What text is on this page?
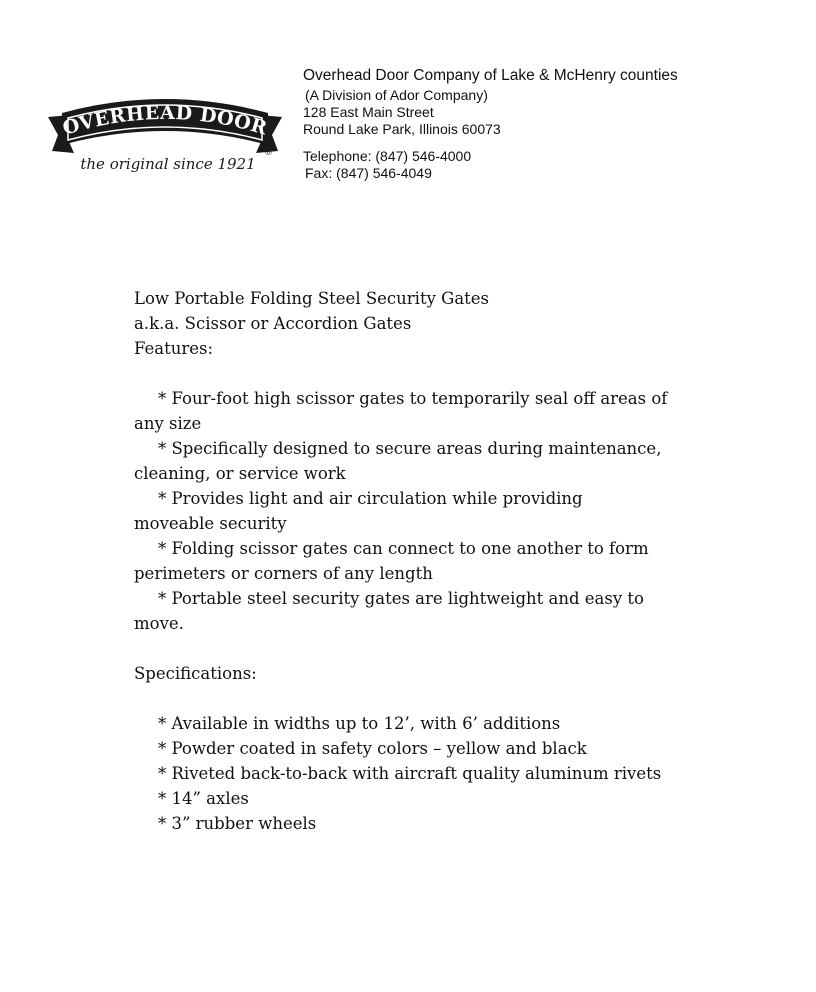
OVERHEAD DOOR
®
the original since 1921
Overhead Door Company of Lake & McHenry counties
(A Division of Ador Company)
128 East Main Street
Round Lake Park, Illinois 60073
Telephone: (847) 546-4000
Fax: (847) 546-4049

Low Portable Folding Steel Security Gates

a.k.a. Scissor or Accordion Gates

Features:

* Four-foot high scissor gates to temporarily seal off areas of
any size
* Specifically designed to secure areas during maintenance,
cleaning, or service work
* Provides light and air circulation while providing
moveable security
* Folding scissor gates can connect to one another to form
perimeters or corners of any length
* Portable steel security gates are lightweight and easy to
move.

Specifications:

* Available in widths up to 12’, with 6’ additions
* Powder coated in safety colors – yellow and black
* Riveted back-to-back with aircraft quality aluminum rivets
* 14” axles
* 3” rubber wheels
